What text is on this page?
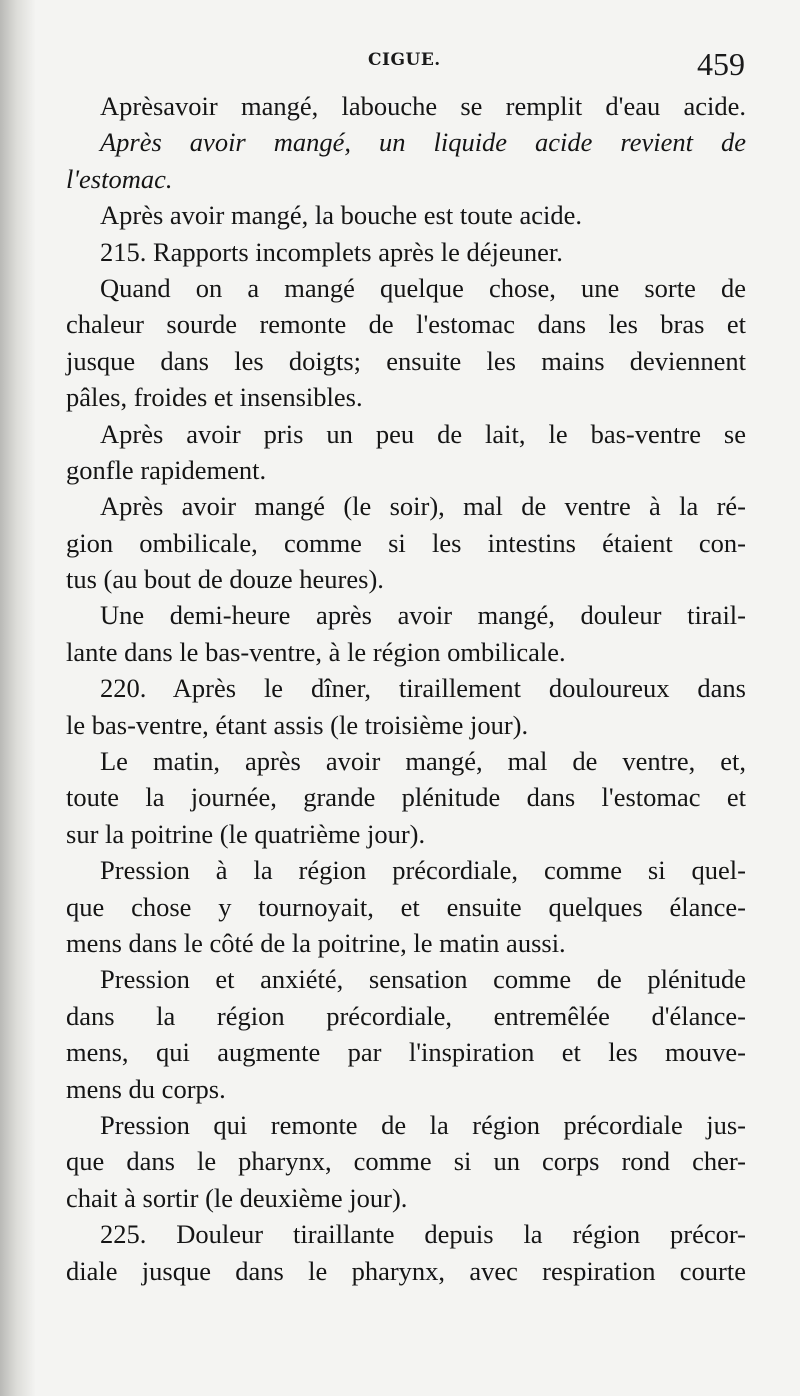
CIGUE.	459
Aprèsavoir mangé, labouche se remplit d'eau acide.
Après avoir mangé, un liquide acide revient de
l'estomac.
Après avoir mangé, la bouche est toute acide.
215. Rapports incomplets après le déjeuner.
Quand on a mangé quelque chose, une sorte de
chaleur sourde remonte de l'estomac dans les bras et
jusque dans les doigts; ensuite les mains deviennent
pâles, froides et insensibles.
Après avoir pris un peu de lait, le bas-ventre se
gonfle rapidement.
Après avoir mangé (le soir), mal de ventre à la ré-
gion ombilicale, comme si les intestins étaient con-
tus (au bout de douze heures).
Une demi-heure après avoir mangé, douleur tirail-
lante dans le bas-ventre, à le région ombilicale.
220. Après le dîner, tiraillement douloureux dans
le bas-ventre, étant assis (le troisième jour).
Le matin, après avoir mangé, mal de ventre, et,
toute la journée, grande plénitude dans l'estomac et
sur la poitrine (le quatrième jour).
Pression à la région précordiale, comme si quel-
que chose y tournoyait, et ensuite quelques élance-
mens dans le côté de la poitrine, le matin aussi.
Pression et anxiété, sensation comme de plénitude
dans la région précordiale, entremêlée d'élance-
mens, qui augmente par l'inspiration et les mouve-
mens du corps.
Pression qui remonte de la région précordiale jus-
que dans le pharynx, comme si un corps rond cher-
chait à sortir (le deuxième jour).
225. Douleur tiraillante depuis la région précor-
diale jusque dans le pharynx, avec respiration courte
